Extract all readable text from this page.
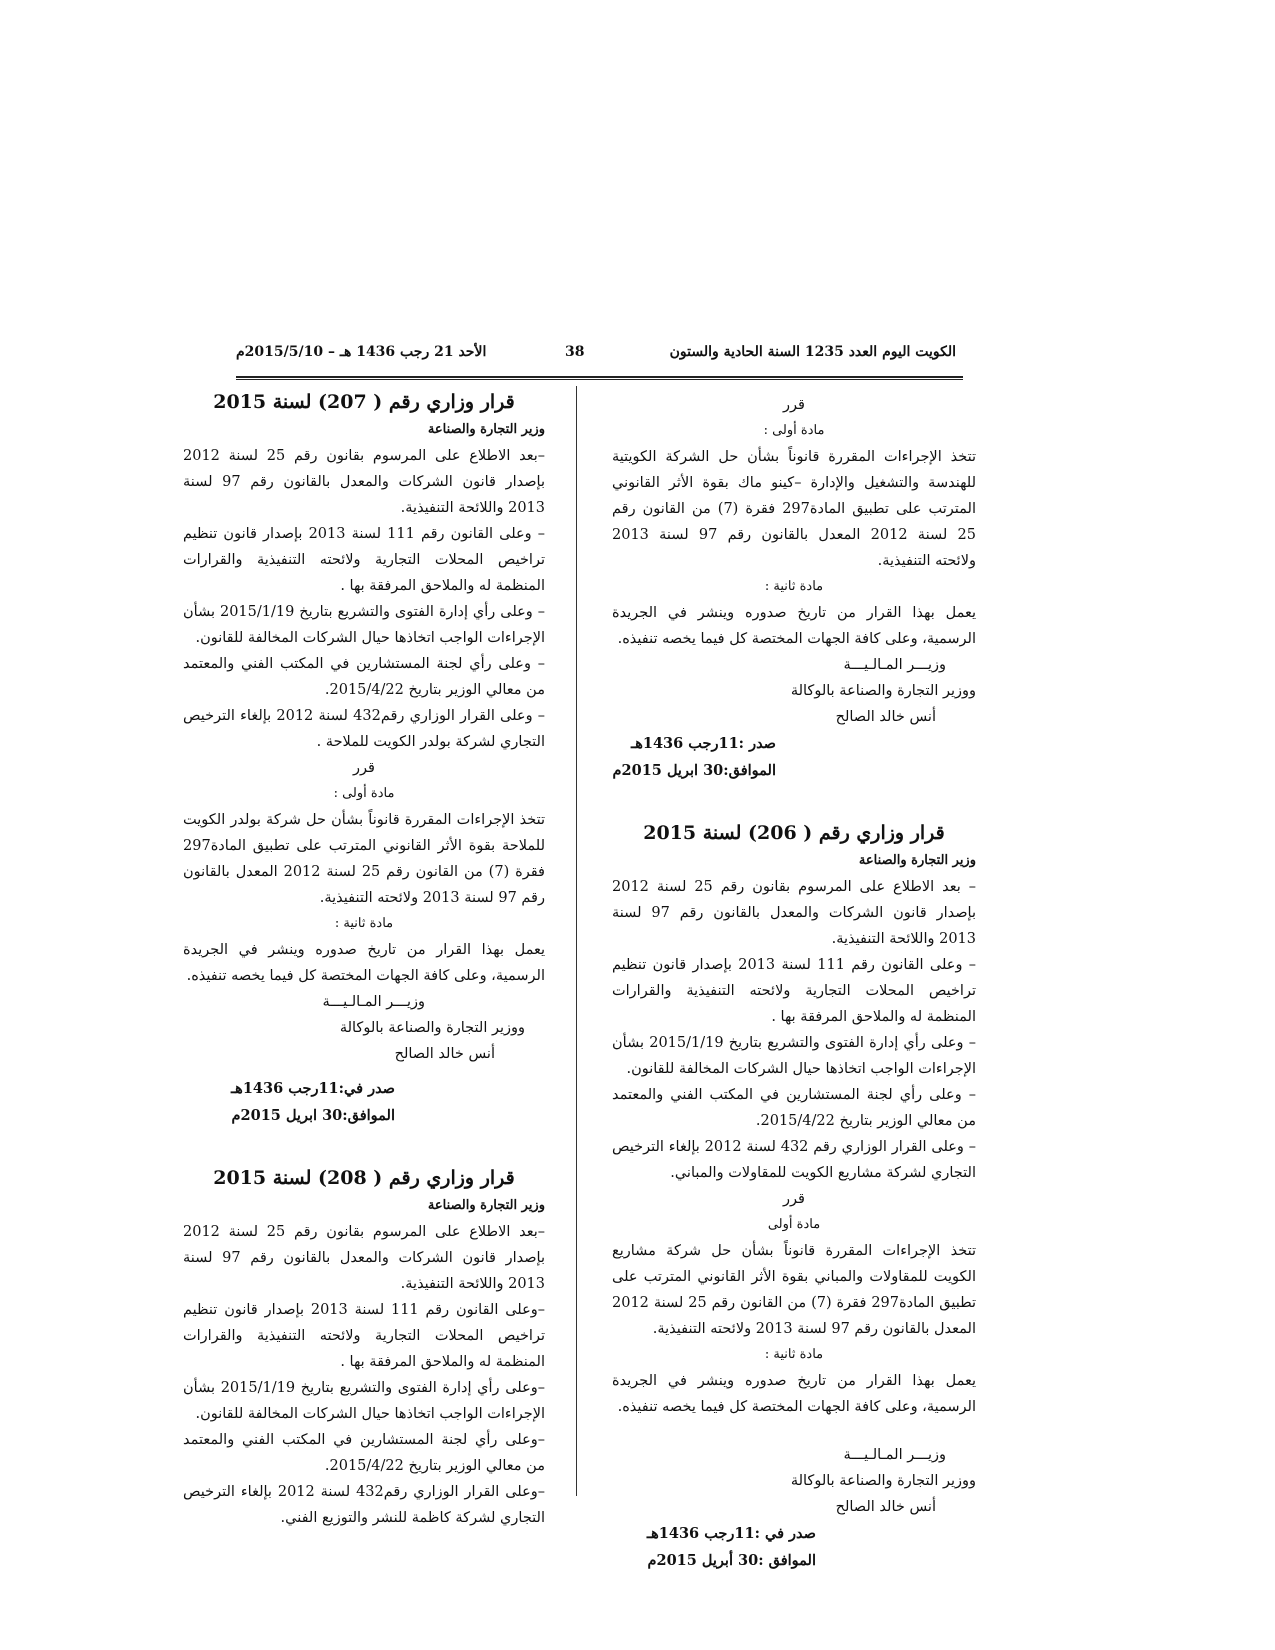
الكويت اليوم العدد 1235 السنة الحادية والستون
38
الأحد 21 رجب 1436 هـ – 2015/5/10م

قرر

مادة أولى :

تتخذ الإجراءات المقررة قانوناً بشأن حل الشركة الكويتية للهندسة والتشغيل والإدارة –كينو ماك بقوة الأثر القانوني المترتب على تطبيق المادة297 فقرة (7) من القانون رقم 25 لسنة 2012 المعدل بالقانون رقم 97 لسنة 2013 ولائحته التنفيذية.

مادة ثانية :

يعمل بهذا القرار من تاريخ صدوره وينشر في الجريدة الرسمية، وعلى كافة الجهات المختصة كل فيما يخصه تنفيذه.

وزيـــر المـالـيـــة

ووزير التجارة والصناعة بالوكالة

أنس خالد الصالح

صدر :11رجب 1436هـ

الموافق:30 ابريل 2015م

قرار وزاري رقم ( 206) لسنة 2015

وزير التجارة والصناعة

– بعد الاطلاع على المرسوم بقانون رقم 25 لسنة 2012 بإصدار قانون الشركات والمعدل بالقانون رقم 97 لسنة 2013 واللائحة التنفيذية.

– وعلى القانون رقم 111 لسنة 2013 بإصدار قانون تنظيم تراخيص المحلات التجارية ولائحته التنفيذية والقرارات المنظمة له والملاحق المرفقة بها .

– وعلى رأي إدارة الفتوى والتشريع بتاريخ 2015/1/19 بشأن الإجراءات الواجب اتخاذها حيال الشركات المخالفة للقانون.

– وعلى رأي لجنة المستشارين في المكتب الفني والمعتمد من معالي الوزير بتاريخ 2015/4/22.

– وعلى القرار الوزاري رقم 432 لسنة 2012 بإلغاء الترخيص التجاري لشركة مشاريع الكويت للمقاولات والمباني.

قرر

مادة أولى

تتخذ الإجراءات المقررة قانوناً بشأن حل شركة مشاريع الكويت للمقاولات والمباني بقوة الأثر القانوني المترتب على تطبيق المادة297 فقرة (7) من القانون رقم 25 لسنة 2012 المعدل بالقانون رقم 97 لسنة 2013 ولائحته التنفيذية.

مادة ثانية :

يعمل بهذا القرار من تاريخ صدوره وينشر في الجريدة الرسمية، وعلى كافة الجهات المختصة كل فيما يخصه تنفيذه.

وزيـــر المـالـيـــة

ووزير التجارة والصناعة بالوكالة

أنس خالد الصالح

صدر في :11رجب 1436هـ

الموافق :30 أبريل 2015م

قرار وزاري رقم ( 207) لسنة 2015

وزير التجارة والصناعة

–بعد الاطلاع على المرسوم بقانون رقم 25 لسنة 2012 بإصدار قانون الشركات والمعدل بالقانون رقم 97 لسنة 2013 واللائحة التنفيذية.

– وعلى القانون رقم 111 لسنة 2013 بإصدار قانون تنظيم تراخيص المحلات التجارية ولائحته التنفيذية والقرارات المنظمة له والملاحق المرفقة بها .

– وعلى رأي إدارة الفتوى والتشريع بتاريخ 2015/1/19 بشأن الإجراءات الواجب اتخاذها حيال الشركات المخالفة للقانون.

– وعلى رأي لجنة المستشارين في المكتب الفني والمعتمد من معالي الوزير بتاريخ 2015/4/22.

– وعلى القرار الوزاري رقم432 لسنة 2012 بإلغاء الترخيص التجاري لشركة بولدر الكويت للملاحة .

قرر

مادة أولى :

تتخذ الإجراءات المقررة قانوناً بشأن حل شركة بولدر الكويت للملاحة بقوة الأثر القانوني المترتب على تطبيق المادة297 فقرة (7) من القانون رقم 25 لسنة 2012 المعدل بالقانون رقم 97 لسنة 2013 ولائحته التنفيذية.

مادة ثانية :

يعمل بهذا القرار من تاريخ صدوره وينشر في الجريدة الرسمية، وعلى كافة الجهات المختصة كل فيما يخصه تنفيذه.

وزيـــر المـالـيـــة

ووزير التجارة والصناعة بالوكالة

أنس خالد الصالح

صدر في:11رجب 1436هـ

الموافق:30 ابريل 2015م

قرار وزاري رقم ( 208) لسنة 2015

وزير التجارة والصناعة

–بعد الاطلاع على المرسوم بقانون رقم 25 لسنة 2012 بإصدار قانون الشركات والمعدل بالقانون رقم 97 لسنة 2013 واللائحة التنفيذية.

–وعلى القانون رقم 111 لسنة 2013 بإصدار قانون تنظيم تراخيص المحلات التجارية ولائحته التنفيذية والقرارات المنظمة له والملاحق المرفقة بها .

–وعلى رأي إدارة الفتوى والتشريع بتاريخ 2015/1/19 بشأن الإجراءات الواجب اتخاذها حيال الشركات المخالفة للقانون.

–وعلى رأي لجنة المستشارين في المكتب الفني والمعتمد من معالي الوزير بتاريخ 2015/4/22.

–وعلى القرار الوزاري رقم432 لسنة 2012 بإلغاء الترخيص التجاري لشركة كاظمة للنشر والتوزيع الفني.
